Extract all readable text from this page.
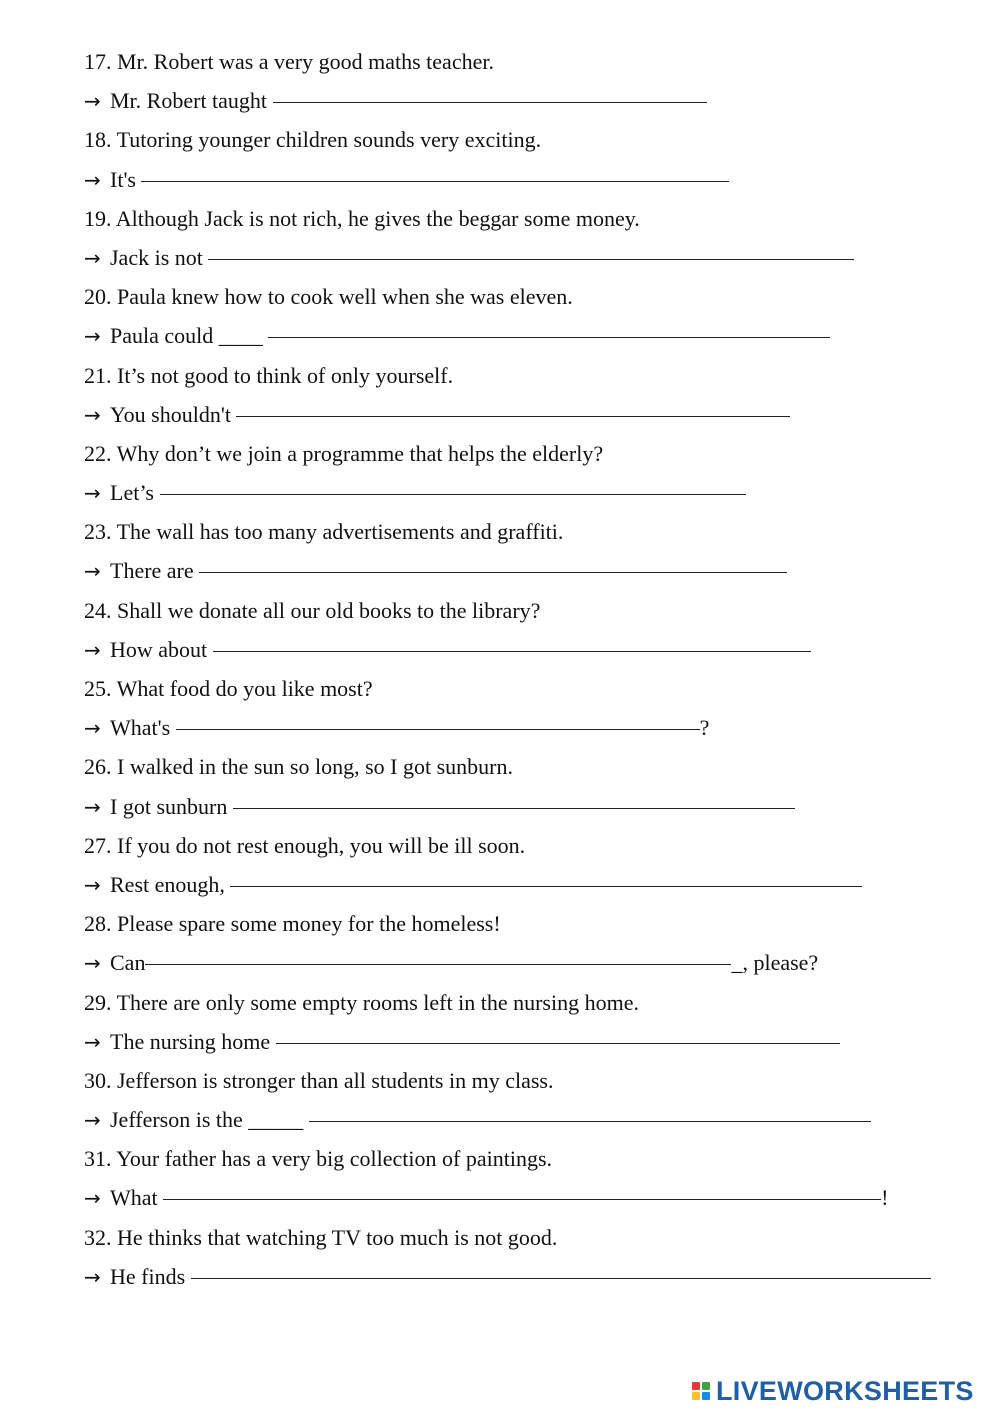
17. Mr. Robert was a very good maths teacher.
→ Mr. Robert taught
18. Tutoring younger children sounds very exciting.
→ It's
19. Although Jack is not rich, he gives the beggar some money.
→ Jack is not
20. Paula knew how to cook well when she was eleven.
→ Paula could ____
21. It’s not good to think of only yourself.
→ You shouldn't
22. Why don’t we join a programme that helps the elderly?
→ Let’s
23. The wall has too many advertisements and graffiti.
→ There are
24. Shall we donate all our old books to the library?
→ How about
25. What food do you like most?
→ What's	?
26. I walked in the sun so long, so I got sunburn.
→ I got sunburn
27. If you do not rest enough, you will be ill soon.
→ Rest enough,
28. Please spare some money for the homeless!
→ Can	_, please?
29. There are only some empty rooms left in the nursing home.
→ The nursing home
30. Jefferson is stronger than all students in my class.
→ Jefferson is the _____
31. Your father has a very big collection of paintings.
→ What	!
32. He thinks that watching TV too much is not good.
→ He finds
LIVEWORKSHEETS
